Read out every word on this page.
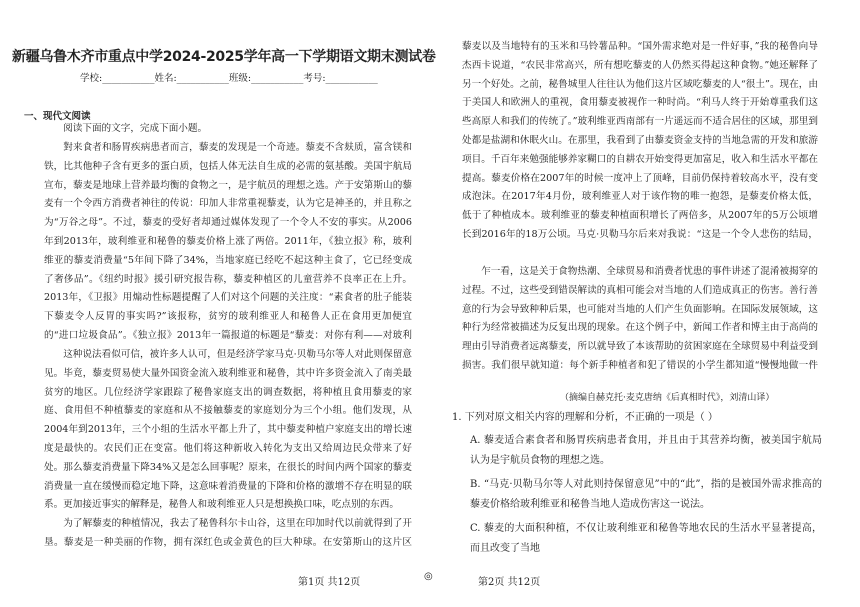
新疆乌鲁木齐市重点中学2024-2025学年高一下学期语文期末测试卷
学校:___________姓名:___________班级:___________考号:___________
一、现代文阅读

阅读下面的文字，完成下面小题。

對来食者和肠胃疾病患者而言，藜麦的发现是一个奇迹。藜麦不含麸质，富含镁和铁，比其他种子含有更多的蛋白质，包括人体无法自生成的必需的氨基酸。美国宇航局宣布，藜麦是地球上营养最均衡的食物之一，是宇航员的理想之选。产于安第斯山的藜麦有一个令西方消费者神往的传说：印加人非常重视藜麦，认为它是神圣的，并且称之为“万谷之母”。不过，藜麦的受好者却通过媒体发现了一个令人不安的事实。从2006年到2013年，玻利维亚和秘鲁的藜麦价格上涨了两倍。2011年，《独立报》称，玻利维亚的藜麦消费量“5年间下降了34%，当地家庭已经吃不起这种主食了，它已经变成了奢侈品”。《纽约时报》援引研究报告称，藜麦种植区的儿童营养不良率正在上升。2013年，《卫报》用煽动性标题提醒了人们对这个问题的关注度：“素食者的肚子能装下藜麦令人反胃的事实吗?”该报称，贫穷的玻利维亚人和秘鲁人正在食用更加便宜的“进口垃圾食品”。《独立报》2013年一篇报道的标题是“藜麦：对你有利——对玻利

这种说法看似可信，被许多人认可，但是经济学家马克·贝勒马尔等人对此则保留意见。毕竟，藜麦贸易使大量外国资金流入玻利维亚和秘鲁，其中许多资金流入了南美最贫穷的地区。几位经济学家跟踪了秘鲁家庭支出的调查数据，将种植且食用藜麦的家庭、食用但不种植藜麦的家庭和从不接触藜麦的家庭划分为三个小组。他们发现，从2004年到2013年，三个小组的生活水平都上升了，其中藜麦种植户家庭支出的增长速度是最快的。农民们正在变富。他们将这种新收入转化为支出又给周边民众带来了好处。那么藜麦消费量下降34%又是怎么回事呢？原来，在很长的时间内两个国家的藜麦消费量一直在缓慢而稳定地下降，这意味着消费量的下降和价格的激增不存在明显的联系。更加接近事实的解释是，秘鲁人和玻利维亚人只是想换换口味，吃点别的东西。

为了解藜麦的种植情况，我去了秘鲁科尔卡山谷，这里在印加时代以前就得到了开垦。藜麦是一种美丽的作物，拥有深红色或金黄色的巨大种球。在安第斯山的这片区

藜麦以及当地特有的玉米和马铃薯品种。“国外需求绝对是一件好事，”我的秘鲁向导杰西卡说道，“农民非常高兴，所有想吃藜麦的人仍然买得起这种食物。”她还解释了另一个好处。之前，秘鲁城里人往往认为他们这片区域吃藜麦的人“很土”。现在，由于美国人和欧洲人的重视，食用藜麦被视作一种时尚。“利马人终于开始尊重我们这些高原人和我们的传统了。”玻利维亚西南部有一片遥远而不适合居住的区域，那里到处都是盐湖和休眠火山。在那里，我看到了由藜麦资金支持的当地急需的开发和旅游项目。千百年来勉强能够养家糊口的自耕农开始变得更加富足，收入和生活水平都在提高。藜麦价格在2007年的时候一度冲上了顶峰，目前仍保持着较高水平，没有变成泡沫。在2017年4月份，玻利维亚人对于该作物的唯一抱怨，是藜麦价格太低，低于了种植成本。玻利维亚的藜麦种植面积增长了两倍多，从2007年的5万公顷增长到2016年的18万公顷。马克·贝勒马尔后来对我说：“这是一个令人悲伤的结局，

乍一看，这是关于食物热潮、全球贸易和消费者忧患的事件讲述了混淆被揭穿的过程。不过，这些受到错误解读的真相可能会对当地的人们造成真正的伤害。善行善意的行为会导致种种后果，也可能对当地的人们产生负面影响。在国际发展领域，这种行为经常被描述为反复出现的现象。在这个例子中，新闻工作者和博主由于高尚的理由引导消费者远离藜麦，所以就导致了本该帮助的贫困家庭在全球贸易中利益受到损害。我们很早就知道：每个新手种植者和犯了错误的小学生都知道“慢慢地做一件

（摘编自赫克托·麦克唐纳《后真相时代》，刘清山译）
1. 下列对原文相关内容的理解和分析，不正确的一项是（ ）
A. 藜麦适合素食者和肠胃疾病患者食用，并且由于其营养均衡，被美国宇航局认为是宇航员食物的理想之选。
B. “马克·贝勒马尔等人对此则持保留意见”中的“此”，指的是被国外需求推高的藜麦价格给玻利维亚和秘鲁当地人造成伤害这一说法。
C. 藜麦的大面积种植，不仅让玻利维亚和秘鲁等地农民的生活水平显著提高，而且改变了当地
第1页 共12页
◎
第2页 共12页
